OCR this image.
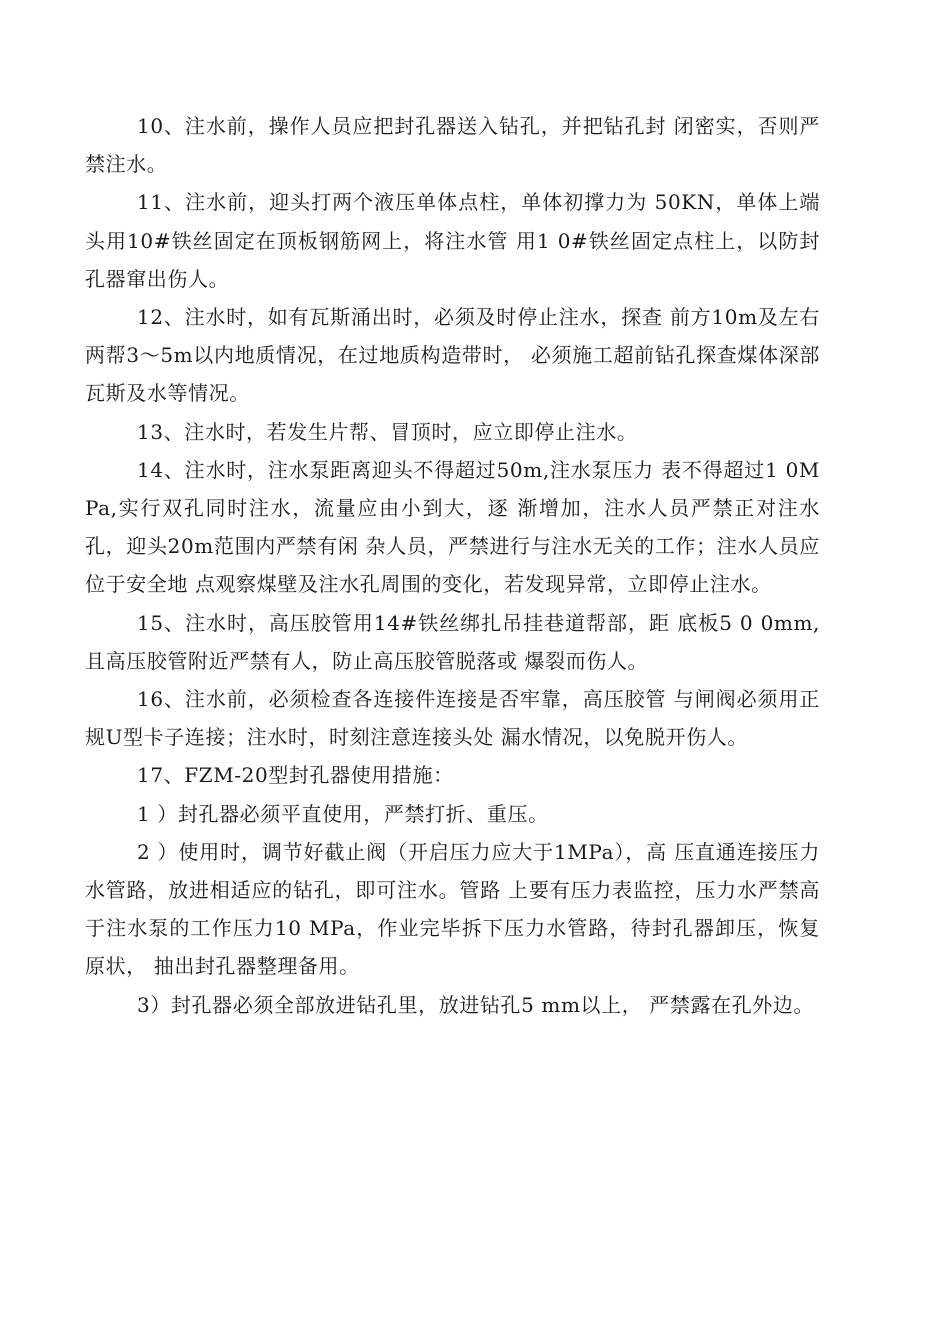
10、注水前，操作人员应把封孔器送入钻孔，并把钻孔封 闭密实，否则严禁注水。

11、注水前，迎头打两个液压单体点柱，单体初撑力为 50KN，单体上端头用10#铁丝固定在顶板钢筋网上，将注水管 用1 0#铁丝固定点柱上，以防封孔器窜出伤人。

12、注水时，如有瓦斯涌出时，必须及时停止注水，探查 前方10m及左右两帮3〜5m以内地质情况，在过地质构造带时， 必须施工超前钻孔探查煤体深部瓦斯及水等情况。

13、注水时，若发生片帮、冒顶时，应立即停止注水。

14、注水时，注水泵距离迎头不得超过50m,注水泵压力 表不得超过1 0MPa,实行双孔同时注水，流量应由小到大，逐 渐增加，注水人员严禁正对注水孔，迎头20m范围内严禁有闲 杂人员，严禁进行与注水无关的工作；注水人员应位于安全地 点观察煤壁及注水孔周围的变化，若发现异常，立即停止注水。

15、注水时，高压胶管用14#铁丝绑扎吊挂巷道帮部，距 底板5 0 0mm,且高压胶管附近严禁有人，防止高压胶管脱落或 爆裂而伤人。

16、注水前，必须检查各连接件连接是否牢靠，高压胶管 与闸阀必须用正规U型卡子连接；注水时，时刻注意连接头处 漏水情况，以免脱开伤人。

17、FZM-20型封孔器使用措施：

1 ）封孔器必须平直使用，严禁打折、重压。

2 ）使用时，调节好截止阀（开启压力应大于1MPa），高 压直通连接压力水管路，放进相适应的钻孔，即可注水。管路 上要有压力表监控，压力水严禁高于注水泵的工作压力10 MPa，作业完毕拆下压力水管路，待封孔器卸压，恢复原状， 抽出封孔器整理备用。

3）封孔器必须全部放进钻孔里，放进钻孔5 mm以上， 严禁露在孔外边。
